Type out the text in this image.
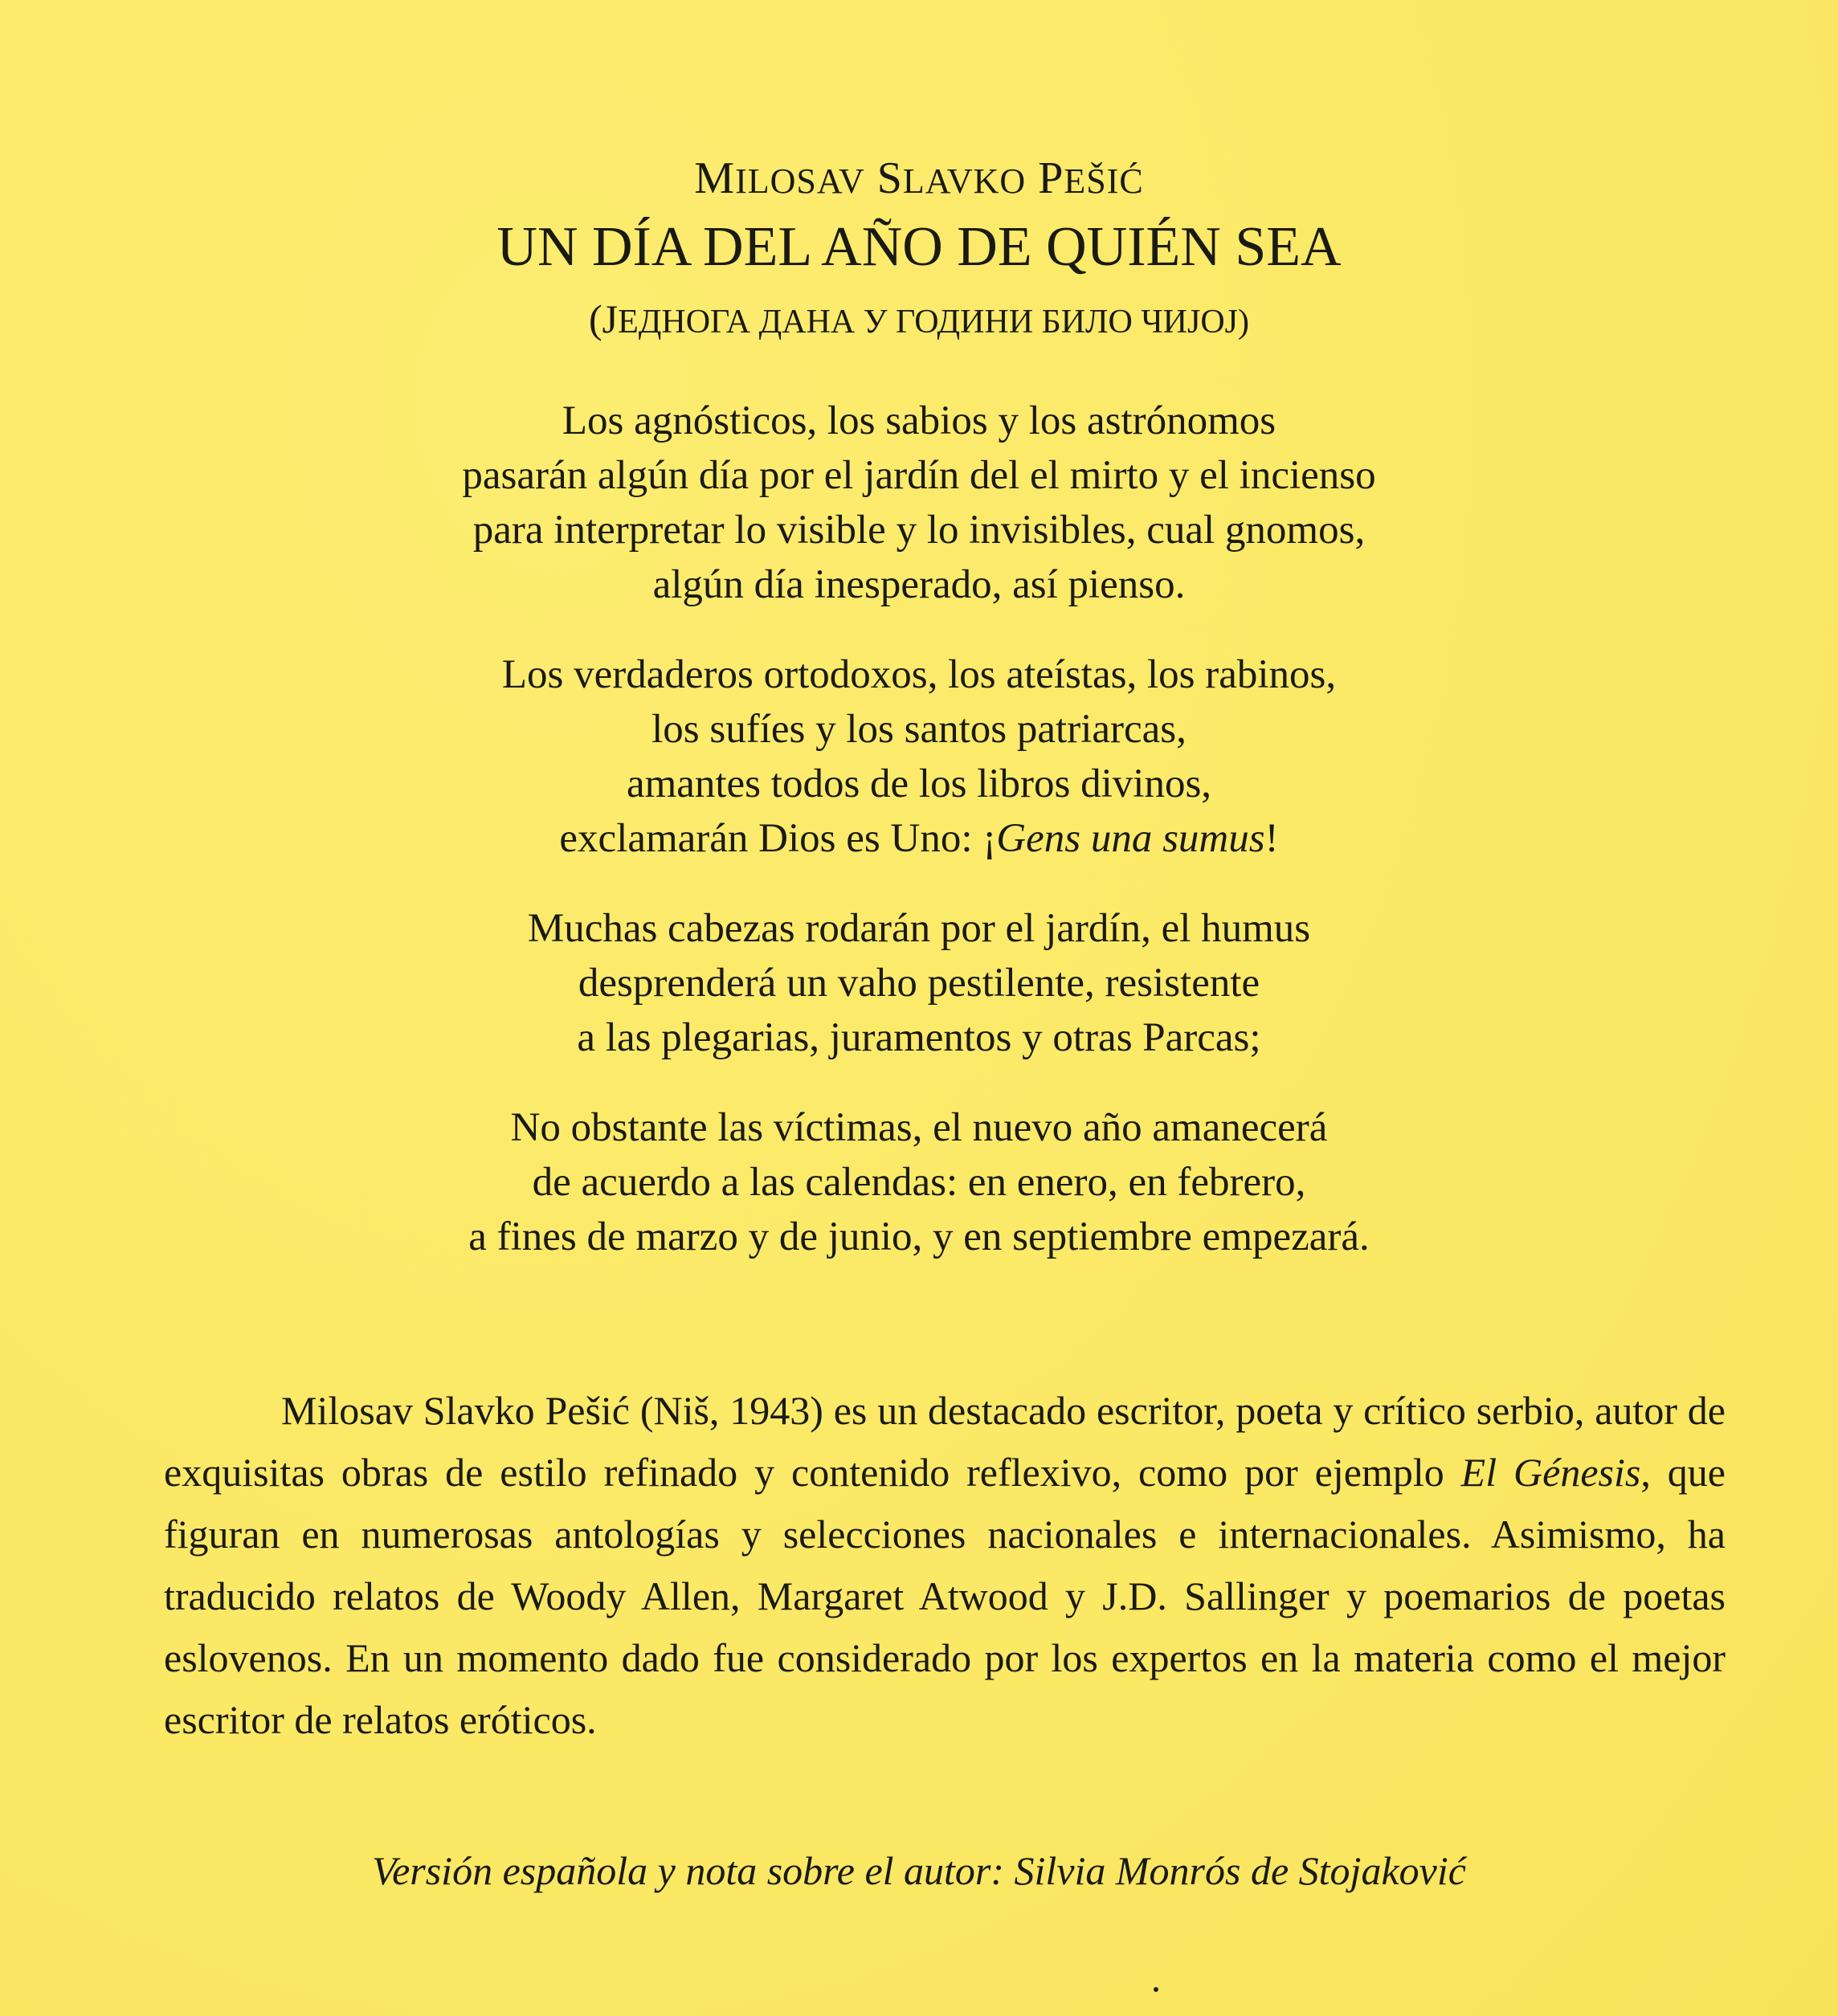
MILOSAV SLAVKO PEŠIĆ
UN DÍA DEL AÑO DE QUIÉN SEA
(ЈЕДНОГА ДАНА У ГОДИНИ БИЛО ЧИЈОЈ)
Los agnósticos, los sabios y los astrónomos
pasarán algún día por el jardín del el mirto y el incienso
para interpretar lo visible y lo invisibles, cual gnomos,
algún día inesperado, así pienso.
Los verdaderos ortodoxos, los ateístas, los rabinos,
los sufíes y los santos patriarcas,
amantes todos de los libros divinos,
exclamarán Dios es Uno: ¡Gens una sumus!
Muchas cabezas rodarán por el jardín, el humus
desprenderá un vaho pestilente, resistente
a las plegarias, juramentos y otras Parcas;
No obstante las víctimas, el nuevo año amanecerá
de acuerdo a las calendas: en enero, en febrero,
a fines de marzo y de junio, y en septiembre empezará.
Milosav Slavko Pešić (Niš, 1943) es un destacado escritor, poeta y crítico serbio, autor de exquisitas obras de estilo refinado y contenido reflexivo, como por ejemplo El Génesis, que figuran en numerosas antologías y selecciones nacionales e internacionales. Asimismo, ha traducido relatos de Woody Allen, Margaret Atwood y J.D. Sallinger y poemarios de poetas eslovenos. En un momento dado fue considerado por los expertos en la materia como el mejor escritor de relatos eróticos.
Versión española y nota sobre el autor: Silvia Monrós de Stojaković
